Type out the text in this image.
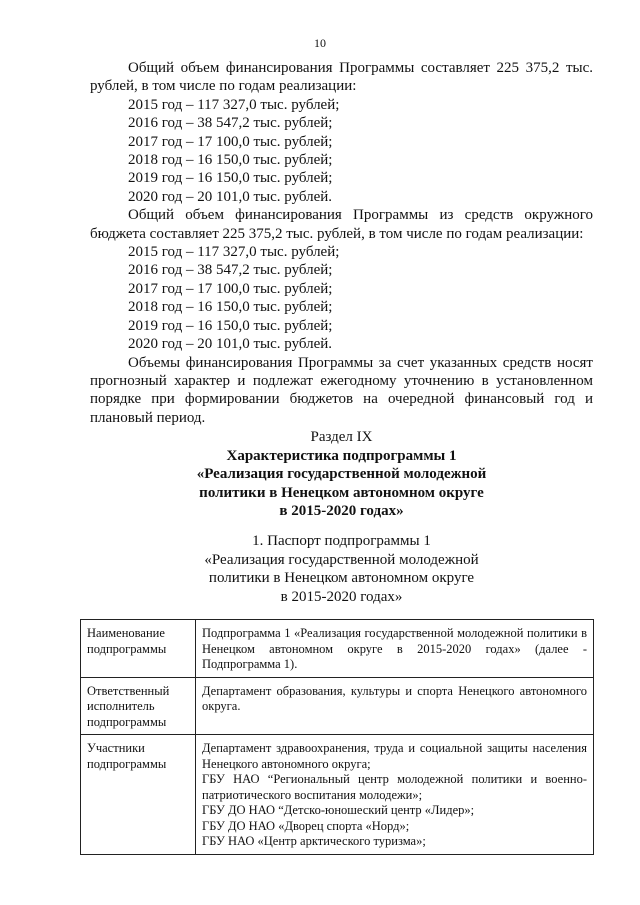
10

Общий объем финансирования Программы составляет 225 375,2 тыс. рублей, в том числе по годам реализации:

2015 год – 117 327,0 тыс. рублей;

2016 год – 38 547,2 тыс. рублей;

2017 год – 17 100,0 тыс. рублей;

2018 год – 16 150,0 тыс. рублей;

2019 год – 16 150,0 тыс. рублей;

2020 год – 20 101,0 тыс. рублей.

Общий объем финансирования Программы из средств окружного бюджета составляет 225 375,2 тыс. рублей, в том числе по годам реализации:

2015 год – 117 327,0 тыс. рублей;

2016 год – 38 547,2 тыс. рублей;

2017 год – 17 100,0 тыс. рублей;

2018 год – 16 150,0 тыс. рублей;

2019 год – 16 150,0 тыс. рублей;

2020 год – 20 101,0 тыс. рублей.

Объемы финансирования Программы за счет указанных средств носят прогнозный характер и подлежат ежегодному уточнению в установленном порядке при формировании бюджетов на очередной финансовый год и плановый период.

Раздел IX

Характеристика подпрограммы 1

«Реализация государственной молодежной

политики в Ненецком автономном округе

в 2015-2020 годах»

1. Паспорт подпрограммы 1

«Реализация государственной молодежной

политики в Ненецком автономном округе

в 2015-2020 годах»

Наименование подпрограммы	Подпрограмма 1 «Реализация государственной молодежной политики в Ненецком автономном округе в 2015-2020 годах» (далее - Подпрограмма 1).

Ответственный исполнитель подпрограммы	Департамент образования, культуры и спорта Ненецкого автономного округа.

Участники подпрограммы	Департамент здравоохранения, труда и социальной защиты населения Ненецкого автономного округа;
ГБУ НАО “Региональный центр молодежной политики и военно-патриотического воспитания молодежи»;
ГБУ ДО НАО “Детско-юношеский центр «Лидер»;
ГБУ ДО НАО «Дворец спорта «Норд»;
ГБУ НАО «Центр арктического туризма»;
